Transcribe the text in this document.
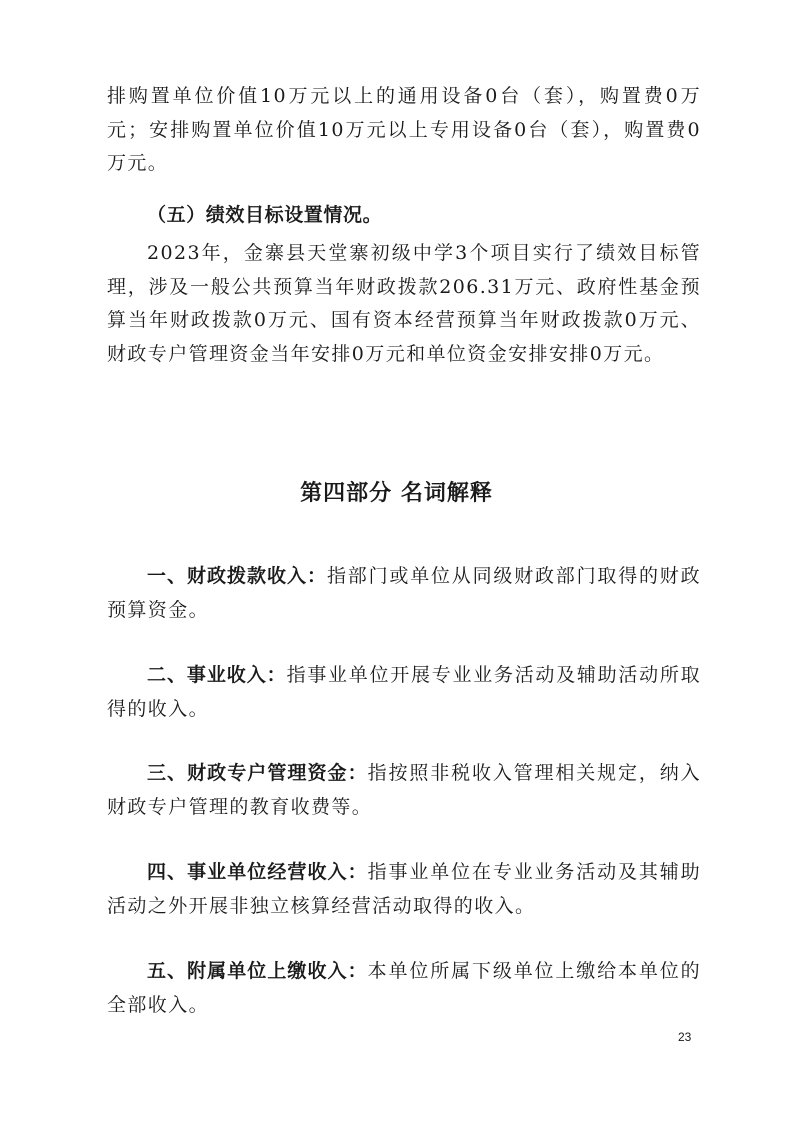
排购置单位价值10万元以上的通用设备0台（套），购置费0万元；安排购置单位价值10万元以上专用设备0台（套），购置费0万元。

（五）绩效目标设置情况。

2023年，金寨县天堂寨初级中学3个项目实行了绩效目标管理，涉及一般公共预算当年财政拨款206.31万元、政府性基金预算当年财政拨款0万元、国有资本经营预算当年财政拨款0万元、财政专户管理资金当年安排0万元和单位资金安排安排0万元。

第四部分 名词解释

一、财政拨款收入：指部门或单位从同级财政部门取得的财政预算资金。

二、事业收入：指事业单位开展专业业务活动及辅助活动所取得的收入。

三、财政专户管理资金：指按照非税收入管理相关规定，纳入财政专户管理的教育收费等。

四、事业单位经营收入：指事业单位在专业业务活动及其辅助活动之外开展非独立核算经营活动取得的收入。

五、附属单位上缴收入：本单位所属下级单位上缴给本单位的全部收入。

23
